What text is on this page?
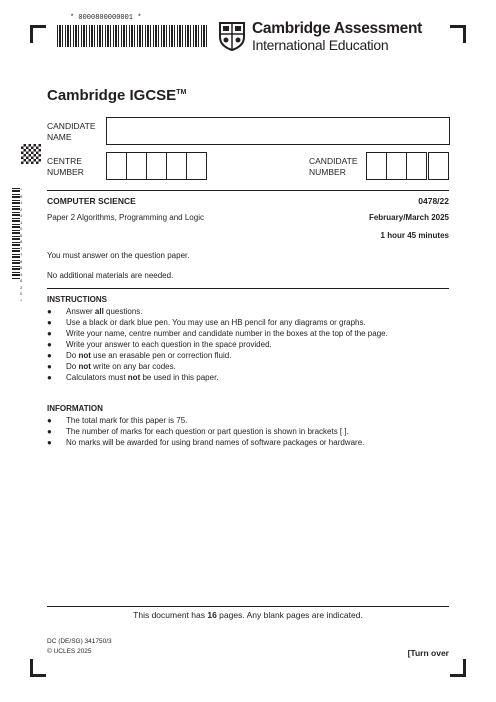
* 0000800000001 *
Cambridge Assessment
International Education
Cambridge IGCSE™
CANDIDATE NAME
CENTRE NUMBER
CANDIDATE NUMBER
* 0 1 2 4 1 5 9 8 7 7 8 9 4 6 2 5 *
COMPUTER SCIENCE	0478/22
Paper 2 Algorithms, Programming and Logic	February/March 2025
1 hour 45 minutes
You must answer on the question paper.
No additional materials are needed.
INSTRUCTIONS
● Answer all questions.
● Use a black or dark blue pen. You may use an HB pencil for any diagrams or graphs.
● Write your name, centre number and candidate number in the boxes at the top of the page.
● Write your answer to each question in the space provided.
● Do not use an erasable pen or correction fluid.
● Do not write on any bar codes.
● Calculators must not be used in this paper.
INFORMATION
● The total mark for this paper is 75.
● The number of marks for each question or part question is shown in brackets [ ].
● No marks will be awarded for using brand names of software packages or hardware.
This document has 16 pages. Any blank pages are indicated.
DC (DE/SG) 341750/3
© UCLES 2025	[Turn over
